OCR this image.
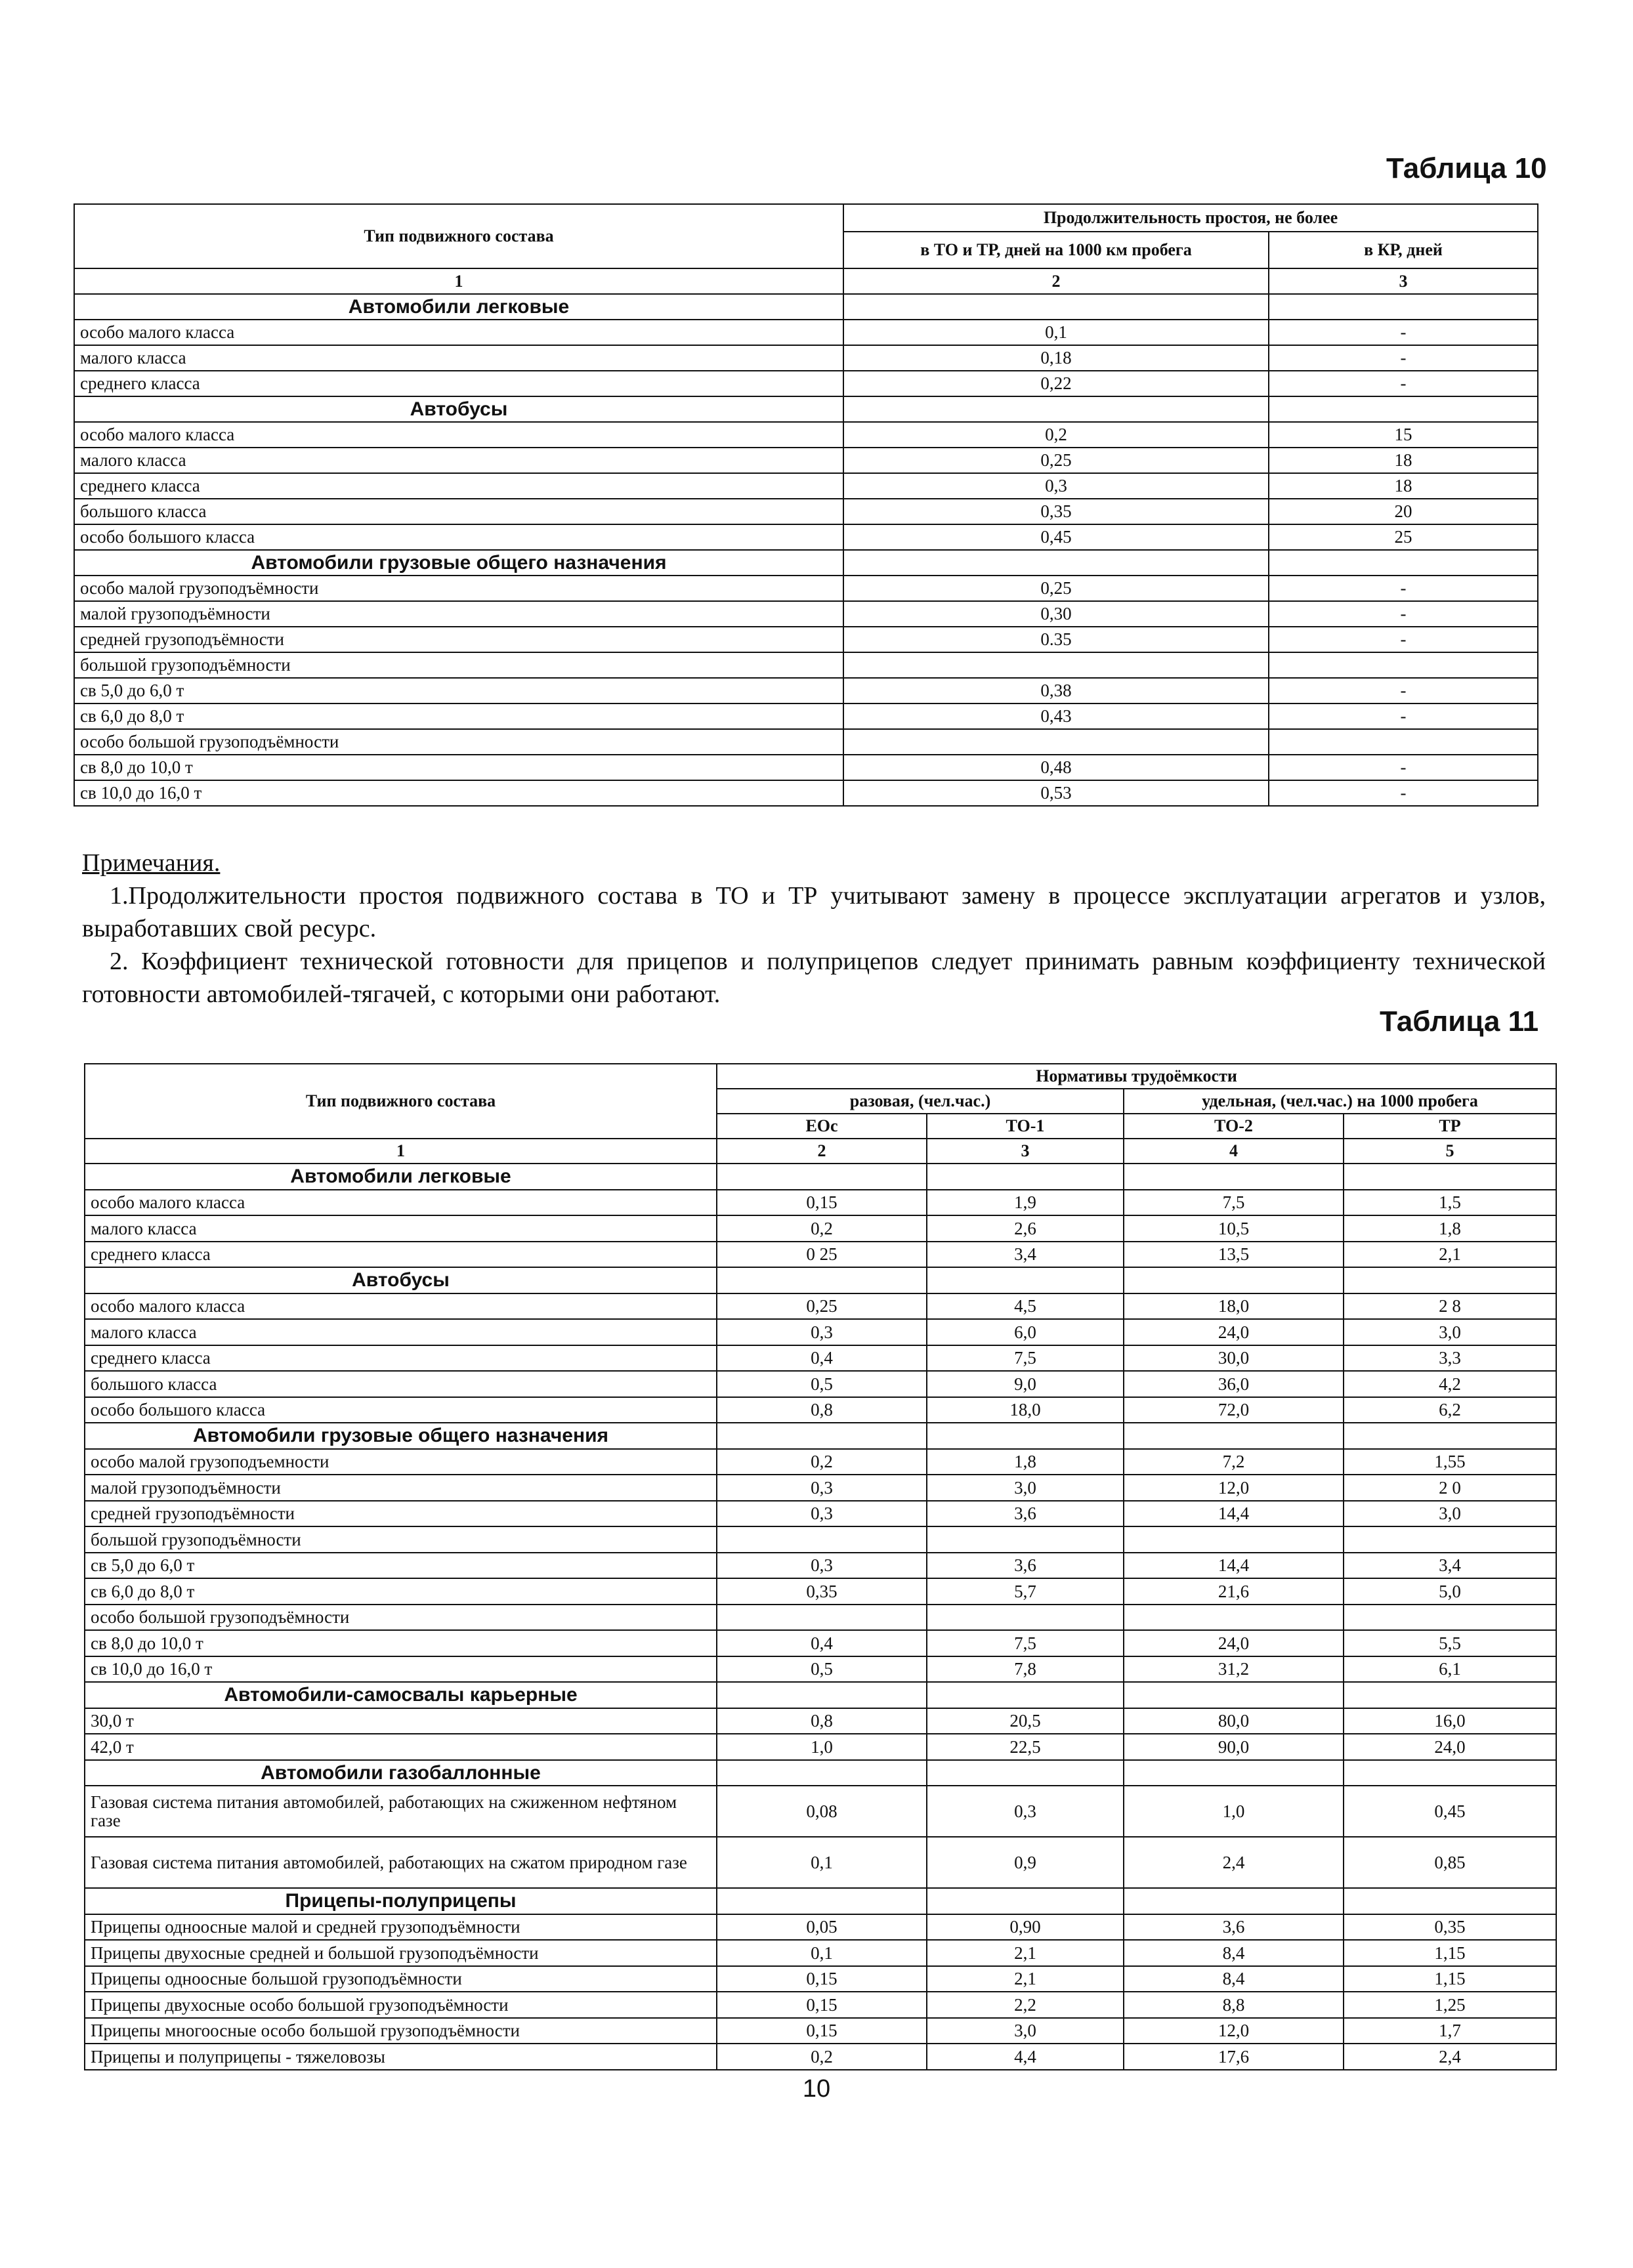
Таблица 10
Тип подвижного состава	Продолжительность простоя, не более	
	в ТО и ТР, дней на 1000 км пробега	в КР, дней
1	2	3
Автомобили легковые		
особо малого класса	0,1	-
малого класса	0,18	-
среднего класса	0,22	-
Автобусы		
особо малого класса	0,2	15
малого класса	0,25	18
среднего класса	0,3	18
большого класса	0,35	20
особо большого класса	0,45	25
Автомобили грузовые общего назначения		
особо малой грузоподъёмности	0,25	-
малой грузоподъёмности	0,30	-
средней грузоподъёмности	0.35	-
большой грузоподъёмности		
св 5,0 до 6,0 т	0,38	-
св 6,0 до 8,0 т	0,43	-
особо большой грузоподъёмности		
св 8,0 до 10,0 т	0,48	-
св 10,0 до 16,0 т	0,53	-

Примечания.

1.Продолжительности простоя подвижного состава в ТО и ТР учитывают замену в процессе эксплуатации агрегатов и узлов, выработавших свой ресурс.

2. Коэффициент технической готовности для прицепов и полуприцепов следует принимать равным коэффициенту технической готовности автомобилей-тягачей, с которыми они работают.

Таблица 11
Тип подвижного состава	Нормативы трудоёмкости			
	разовая, (чел.час.)		удельная, (чел.час.) на 1000 пробега	
	ЕОс	ТО-1	ТО-2	ТР
1	2	3	4	5
Автомобили легковые				
особо малого класса	0,15	1,9	7,5	1,5
малого класса	0,2	2,6	10,5	1,8
среднего класса	0 25	3,4	13,5	2,1
Автобусы				
особо малого класса	0,25	4,5	18,0	2 8
малого класса	0,3	6,0	24,0	3,0
среднего класса	0,4	7,5	30,0	3,3
большого класса	0,5	9,0	36,0	4,2
особо большого класса	0,8	18,0	72,0	6,2
Автомобили грузовые общего назначения				
особо малой грузоподъемности	0,2	1,8	7,2	1,55
малой грузоподъёмности	0,3	3,0	12,0	2 0
средней грузоподъёмности	0,3	3,6	14,4	3,0
большой грузоподъёмности				
св 5,0 до 6,0 т	0,3	3,6	14,4	3,4
св 6,0 до 8,0 т	0,35	5,7	21,6	5,0
особо большой грузоподъёмности				
св 8,0 до 10,0 т	0,4	7,5	24,0	5,5
св 10,0 до 16,0 т	0,5	7,8	31,2	6,1
Автомобили-самосвалы карьерные				
30,0 т	0,8	20,5	80,0	16,0
42,0 т	1,0	22,5	90,0	24,0
Автомобили газобаллонные				
Газовая система питания автомобилей, работающих на сжиженном нефтяном газе	0,08	0,3	1,0	0,45
Газовая система питания автомобилей, работающих на сжатом природном газе	0,1	0,9	2,4	0,85
Прицепы-полуприцепы				
Прицепы одноосные малой и средней грузоподъёмности	0,05	0,90	3,6	0,35
Прицепы двухосные средней и большой грузоподъёмности	0,1	2,1	8,4	1,15
Прицепы одноосные большой грузоподъёмности	0,15	2,1	8,4	1,15
Прицепы двухосные особо большой грузоподъёмности	0,15	2,2	8,8	1,25
Прицепы многоосные особо большой грузоподъёмности	0,15	3,0	12,0	1,7
Прицепы и полуприцепы - тяжеловозы	0,2	4,4	17,6	2,4
10
